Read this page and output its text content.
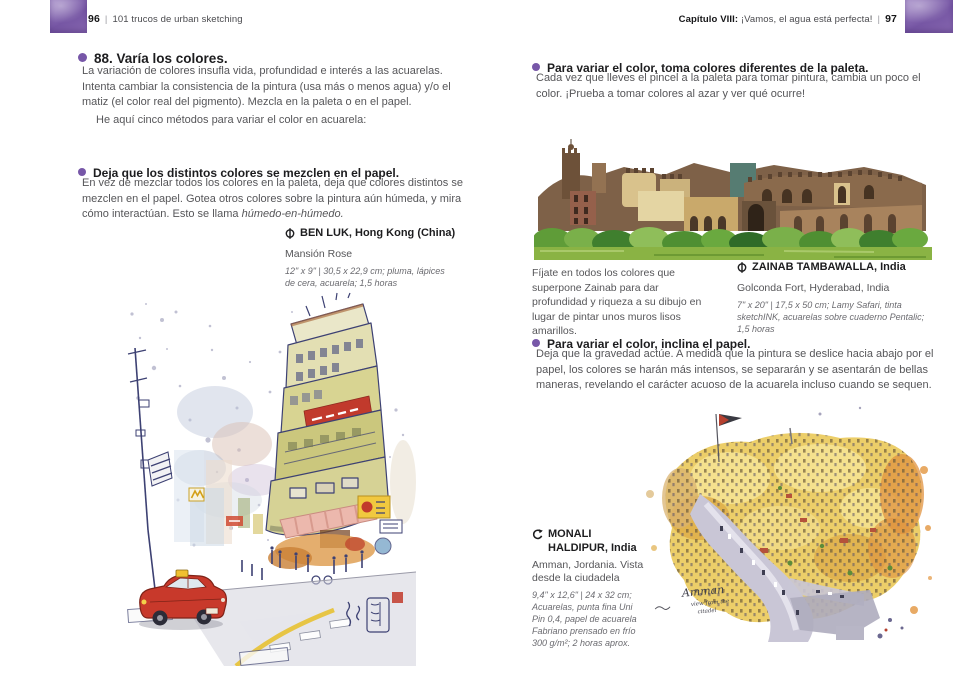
96 | 101 trucos de urban sketching	Capítulo VIII: ¡Vamos, el agua está perfecta! | 97
88. Varía los colores.

La variación de colores insufla vida, profundidad e interés a las acuarelas. Intenta cambiar la consistencia de la pintura (usa más o menos agua) y/o el matiz (el color real del pigmento). Mezcla en la paleta o en el papel.

He aquí cinco métodos para variar el color en acuarela:

Deja que los distintos colores se mezclen en el papel.

En vez de mezclar todos los colores en la paleta, deja que colores distintos se mezclen en el papel. Gotea otros colores sobre la pintura aún húmeda, y mira cómo interactúan. Esto se llama húmedo-en-húmedo.

BEN LUK, Hong Kong (China)
Mansión Rose
12" x 9" | 30,5 x 22,9 cm; pluma, lápices de cera, acuarela; 1,5 horas
Para variar el color, toma colores diferentes de la paleta.

Cada vez que lleves el pincel a la paleta para tomar pintura, cambia un poco el color. ¡Prueba a tomar colores al azar y ver qué ocurre!

Fíjate en todos los colores que superpone Zainab para dar profundidad y riqueza a su dibujo en lugar de pintar unos muros lisos amarillos.
ZAINAB TAMBAWALLA, India
Golconda Fort, Hyderabad, India
7" x 20" | 17,5 x 50 cm; Lamy Safari, tinta sketchINK, acuarelas sobre cuaderno Pentalic; 1,5 horas
Para variar el color, inclina el papel.

Deja que la gravedad actúe. A medida que la pintura se deslice hacia abajo por el papel, los colores se harán más intensos, se separarán y se asentarán de bellas maneras, revelando el carácter acuoso de la acuarela incluso cuando se sequen.

MONALI HALDIPUR, India
Amman, Jordania. Vista desde la ciudadela
9,4" x 12,6" | 24 x 32 cm; Acuarelas, punta fina Uni Pin 0,4, papel de acuarela Fabriano prensado en frío 300 g/m²; 2 horas aprox.
Amman
view from the
citadel
